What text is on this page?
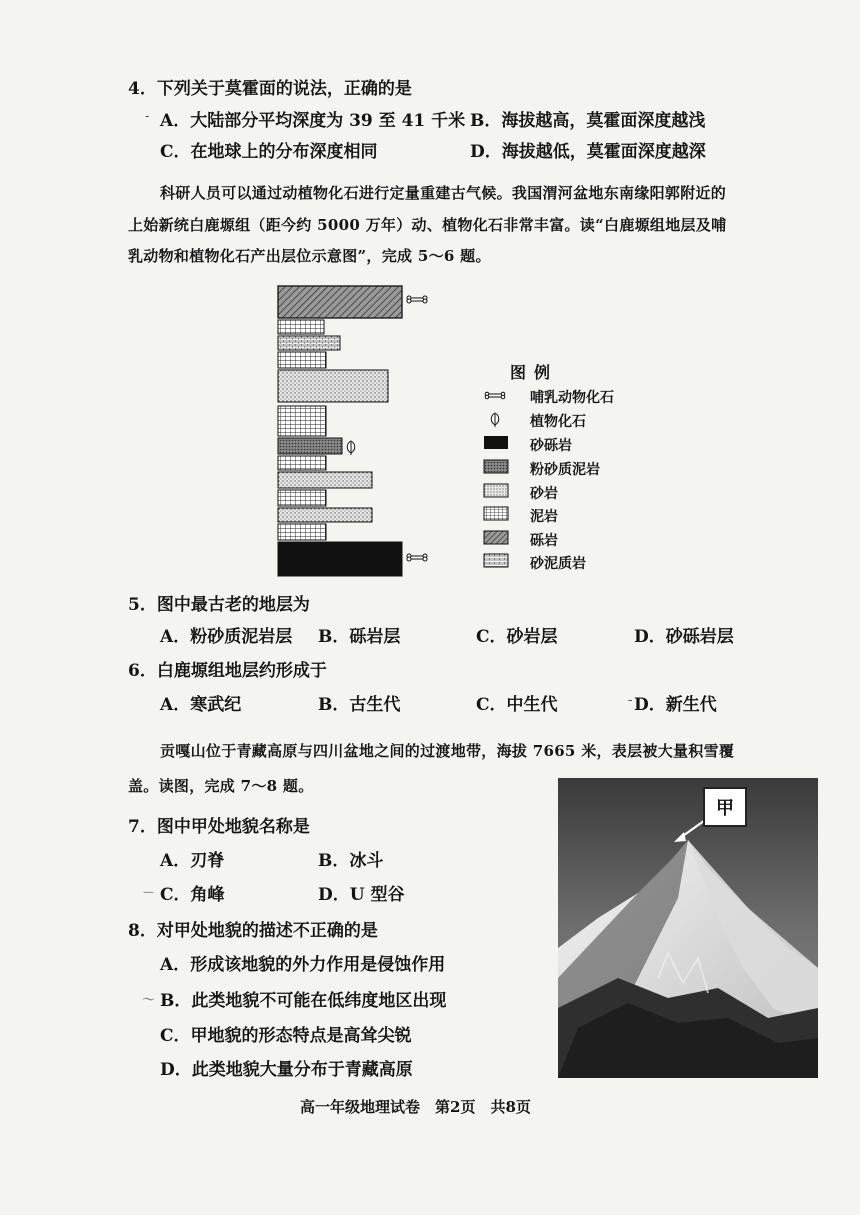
4．下列关于莫霍面的说法，正确的是
- A．大陆部分平均深度为 39 至 41 千米 B．海拔越高，莫霍面深度越浅
C．在地球上的分布深度相同	D．海拔越低，莫霍面深度越深
科研人员可以通过动植物化石进行定量重建古气候。我国渭河盆地东南缘阳郭附近的
上始新统白鹿塬组（距今约 5000 万年）动、植物化石非常丰富。读“白鹿塬组地层及哺
乳动物和植物化石产出层位示意图”，完成 5～6 题。
图例
哺乳动物化石
植物化石
砂砾岩
粉砂质泥岩
砂岩
泥岩
砾岩
砂泥质岩
5．图中最古老的地层为
A．粉砂质泥岩层 B．砾岩层	C．砂岩层	D．砂砾岩层
6．白鹿塬组地层约形成于
A．寒武纪	B．古生代	C．中生代	- D．新生代
贡嘎山位于青藏高原与四川盆地之间的过渡地带，海拔 7665 米，表层被大量积雪覆
盖。读图，完成 7～8 题。
甲
7．图中甲处地貌名称是
A．刃脊	B．冰斗
－ C．角峰	D．U 型谷
8．对甲处地貌的描述不正确的是
A．形成该地貌的外力作用是侵蚀作用
～ B．此类地貌不可能在低纬度地区出现
C．甲地貌的形态特点是高耸尖锐
D．此类地貌大量分布于青藏高原
高一年级地理试卷　第2页　共8页
